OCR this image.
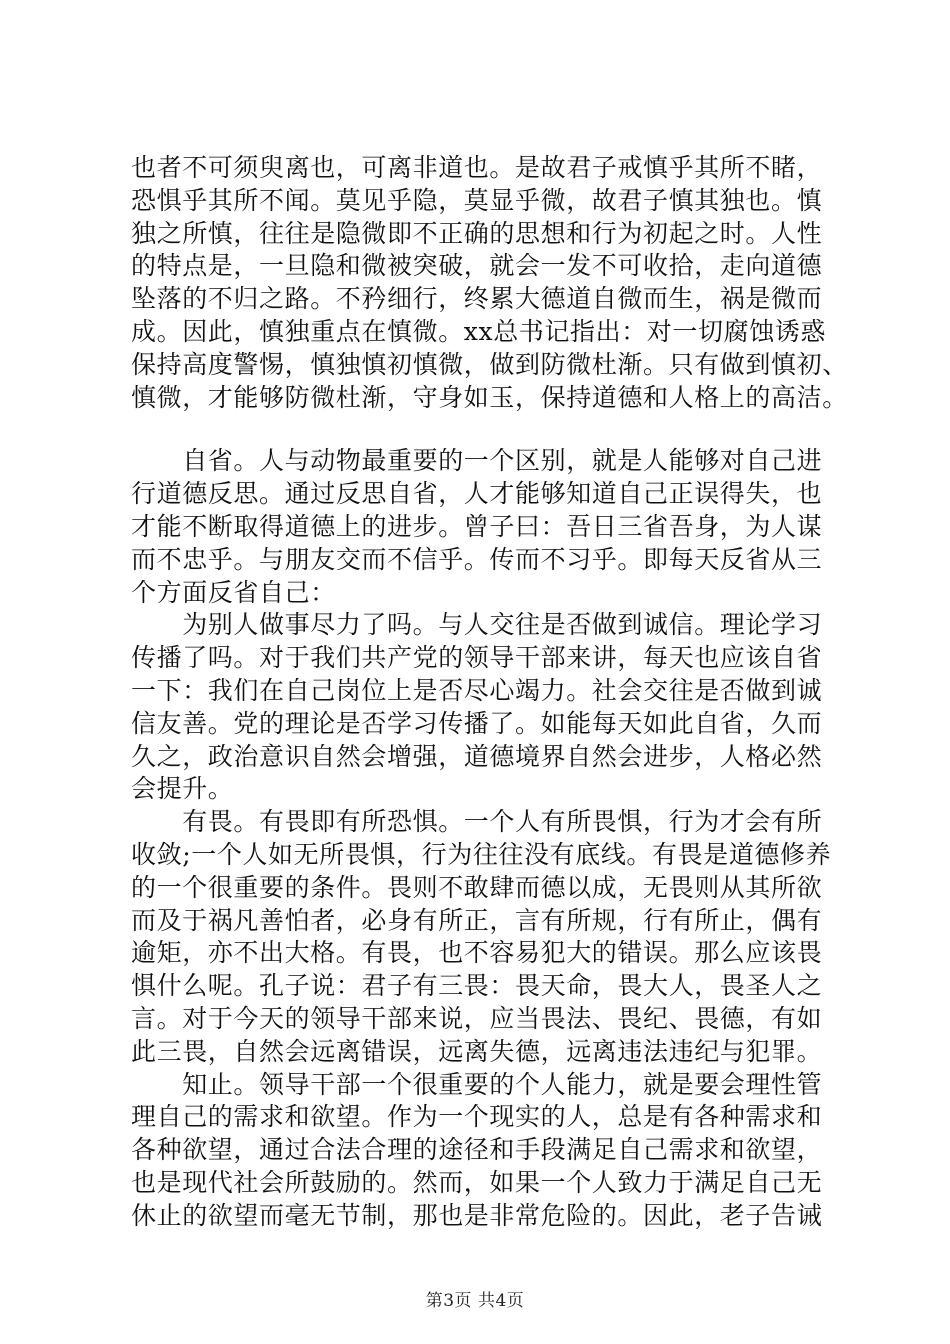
也者不可须臾离也，可离非道也。是故君子戒慎乎其所不睹，
恐惧乎其所不闻。莫见乎隐，莫显乎微，故君子慎其独也。慎
独之所慎，往往是隐微即不正确的思想和行为初起之时。人性
的特点是，一旦隐和微被突破，就会一发不可收拾，走向道德
坠落的不归之路。不矜细行，终累大德道自微而生，祸是微而
成。因此，慎独重点在慎微。xx总书记指出：对一切腐蚀诱惑
保持高度警惕，慎独慎初慎微，做到防微杜渐。只有做到慎初、
慎微，才能够防微杜渐，守身如玉，保持道德和人格上的高洁。
　　自省。人与动物最重要的一个区别，就是人能够对自己进
行道德反思。通过反思自省，人才能够知道自己正误得失，也
才能不断取得道德上的进步。曾子曰：吾日三省吾身，为人谋
而不忠乎。与朋友交而不信乎。传而不习乎。即每天反省从三
个方面反省自己：
　　为别人做事尽力了吗。与人交往是否做到诚信。理论学习
传播了吗。对于我们共产党的领导干部来讲，每天也应该自省
一下：我们在自己岗位上是否尽心竭力。社会交往是否做到诚
信友善。党的理论是否学习传播了。如能每天如此自省，久而
久之，政治意识自然会增强，道德境界自然会进步，人格必然
会提升。
　　有畏。有畏即有所恐惧。一个人有所畏惧，行为才会有所
收敛;一个人如无所畏惧，行为往往没有底线。有畏是道德修养
的一个很重要的条件。畏则不敢肆而德以成，无畏则从其所欲
而及于祸凡善怕者，必身有所正，言有所规，行有所止，偶有
逾矩，亦不出大格。有畏，也不容易犯大的错误。那么应该畏
惧什么呢。孔子说：君子有三畏：畏天命，畏大人，畏圣人之
言。对于今天的领导干部来说，应当畏法、畏纪、畏德，有如
此三畏，自然会远离错误，远离失德，远离违法违纪与犯罪。
　　知止。领导干部一个很重要的个人能力，就是要会理性管
理自己的需求和欲望。作为一个现实的人，总是有各种需求和
各种欲望，通过合法合理的途径和手段满足自己需求和欲望，
也是现代社会所鼓励的。然而，如果一个人致力于满足自己无
休止的欲望而毫无节制，那也是非常危险的。因此，老子告诫
第3页 共4页
